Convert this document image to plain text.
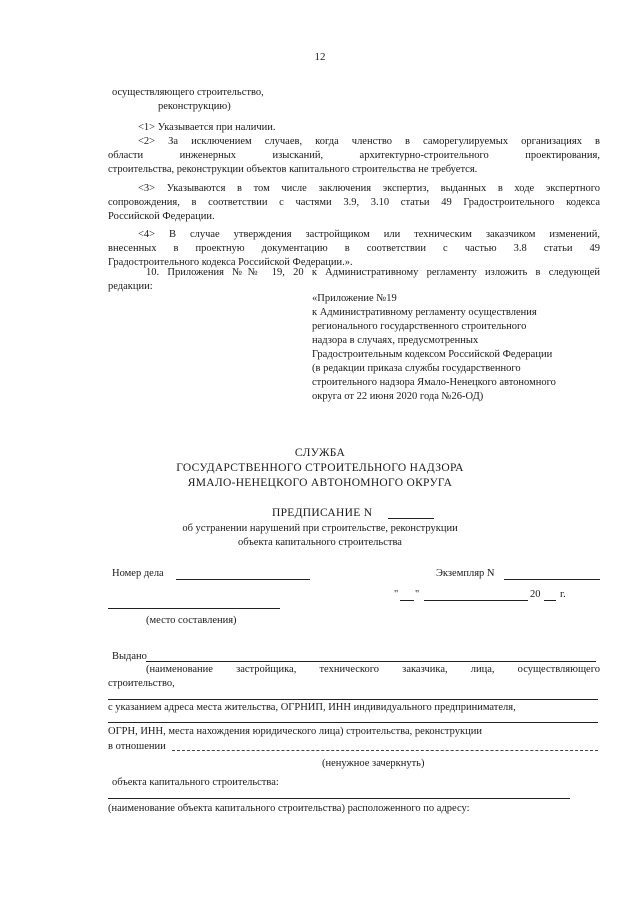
12
осуществляющего строительство,
реконструкцию)
<1> Указывается при наличии.
<2> За исключением случаев, когда членство в саморегулируемых организациях в
области инженерных изысканий, архитектурно-строительного проектирования,
строительства, реконструкции объектов капитального строительства не требуется.
<3> Указываются в том числе заключения экспертиз, выданных в ходе экспертного
сопровождения, в соответствии с частями 3.9, 3.10 статьи 49 Градостроительного кодекса
Российской Федерации.
<4> В случае утверждения застройщиком или техническим заказчиком изменений,
внесенных в проектную документацию в соответствии с частью 3.8 статьи 49
Градостроительного кодекса Российской Федерации.».
10. Приложения №№ 19, 20 к Административному регламенту изложить в следующей
редакции:
«Приложение №19
к Административному регламенту осуществления
регионального государственного строительного
надзора в случаях, предусмотренных
Градостроительным кодексом Российской Федерации
(в редакции приказа службы государственного
строительного надзора Ямало-Ненецкого автономного
округа от 22 июня 2020 года №26-ОД)
СЛУЖБА
ГОСУДАРСТВЕННОГО СТРОИТЕЛЬНОГО НАДЗОРА
ЯМАЛО-НЕНЕЦКОГО АВТОНОМНОГО ОКРУГА
ПРЕДПИСАНИЕ N
об устранении нарушений при строительстве, реконструкции
объекта капитального строительства
Номер дела	Экземпляр N
" "	20 г.
(место составления)
Выдано
(наименование застройщика, технического заказчика, лица, осуществляющего
строительство,
с указанием адреса места жительства, ОГРНИП, ИНН индивидуального предпринимателя,
ОГРН, ИНН, места нахождения юридического лица) строительства, реконструкции
в отношении
(ненужное зачеркнуть)
объекта капитального строительства:
(наименование объекта капитального строительства) расположенного по адресу:
